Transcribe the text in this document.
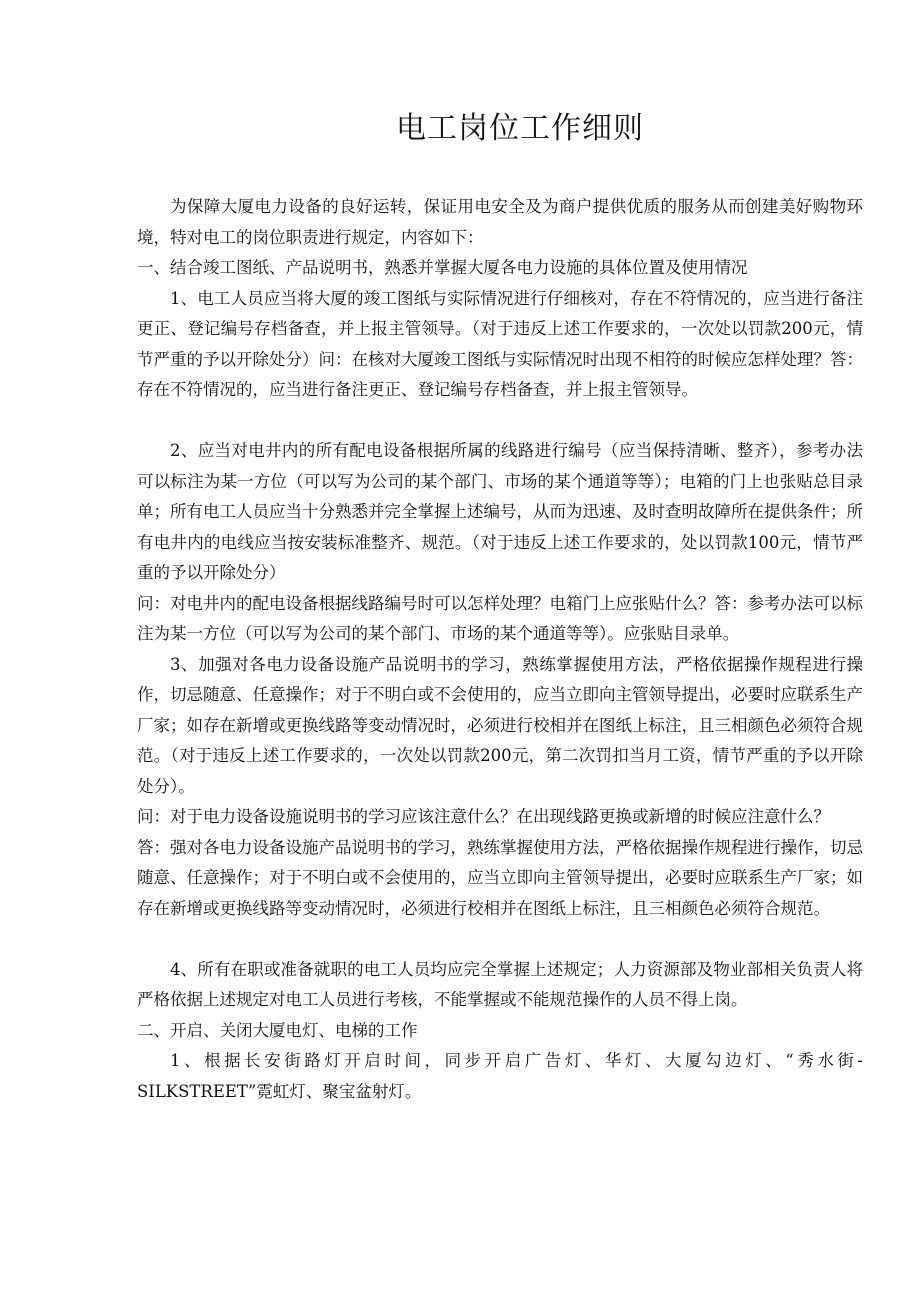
电工岗位工作细则

为保障大厦电力设备的良好运转，保证用电安全及为商户提供优质的服务从而创建美好购物环境，特对电工的岗位职责进行规定，内容如下：

一、结合竣工图纸、产品说明书，熟悉并掌握大厦各电力设施的具体位置及使用情况

1、电工人员应当将大厦的竣工图纸与实际情况进行仔细核对，存在不符情况的，应当进行备注更正、登记编号存档备查，并上报主管领导。（对于违反上述工作要求的，一次处以罚款200元，情节严重的予以开除处分）问：在核对大厦竣工图纸与实际情况时出现不相符的时候应怎样处理？答：存在不符情况的，应当进行备注更正、登记编号存档备查，并上报主管领导。

2、应当对电井内的所有配电设备根据所属的线路进行编号（应当保持清晰、整齐），参考办法可以标注为某一方位（可以写为公司的某个部门、市场的某个通道等等）；电箱的门上也张贴总目录单；所有电工人员应当十分熟悉并完全掌握上述编号，从而为迅速、及时查明故障所在提供条件；所有电井内的电线应当按安装标准整齐、规范。（对于违反上述工作要求的，处以罚款100元，情节严重的予以开除处分）

问：对电井内的配电设备根据线路编号时可以怎样处理？电箱门上应张贴什么？答：参考办法可以标注为某一方位（可以写为公司的某个部门、市场的某个通道等等）。应张贴目录单。

3、加强对各电力设备设施产品说明书的学习，熟练掌握使用方法，严格依据操作规程进行操作，切忌随意、任意操作；对于不明白或不会使用的，应当立即向主管领导提出，必要时应联系生产厂家；如存在新增或更换线路等变动情况时，必须进行校相并在图纸上标注，且三相颜色必须符合规范。（对于违反上述工作要求的，一次处以罚款200元，第二次罚扣当月工资，情节严重的予以开除处分）。

问：对于电力设备设施说明书的学习应该注意什么？在出现线路更换或新增的时候应注意什么？

答：强对各电力设备设施产品说明书的学习，熟练掌握使用方法，严格依据操作规程进行操作，切忌随意、任意操作；对于不明白或不会使用的，应当立即向主管领导提出，必要时应联系生产厂家；如存在新增或更换线路等变动情况时，必须进行校相并在图纸上标注，且三相颜色必须符合规范。

4、所有在职或准备就职的电工人员均应完全掌握上述规定；人力资源部及物业部相关负责人将严格依据上述规定对电工人员进行考核，不能掌握或不能规范操作的人员不得上岗。

二、开启、关闭大厦电灯、电梯的工作

1、根据长安街路灯开启时间，同步开启广告灯、华灯、大厦勾边灯、“秀水街-SILKSTREET”霓虹灯、聚宝盆射灯。
